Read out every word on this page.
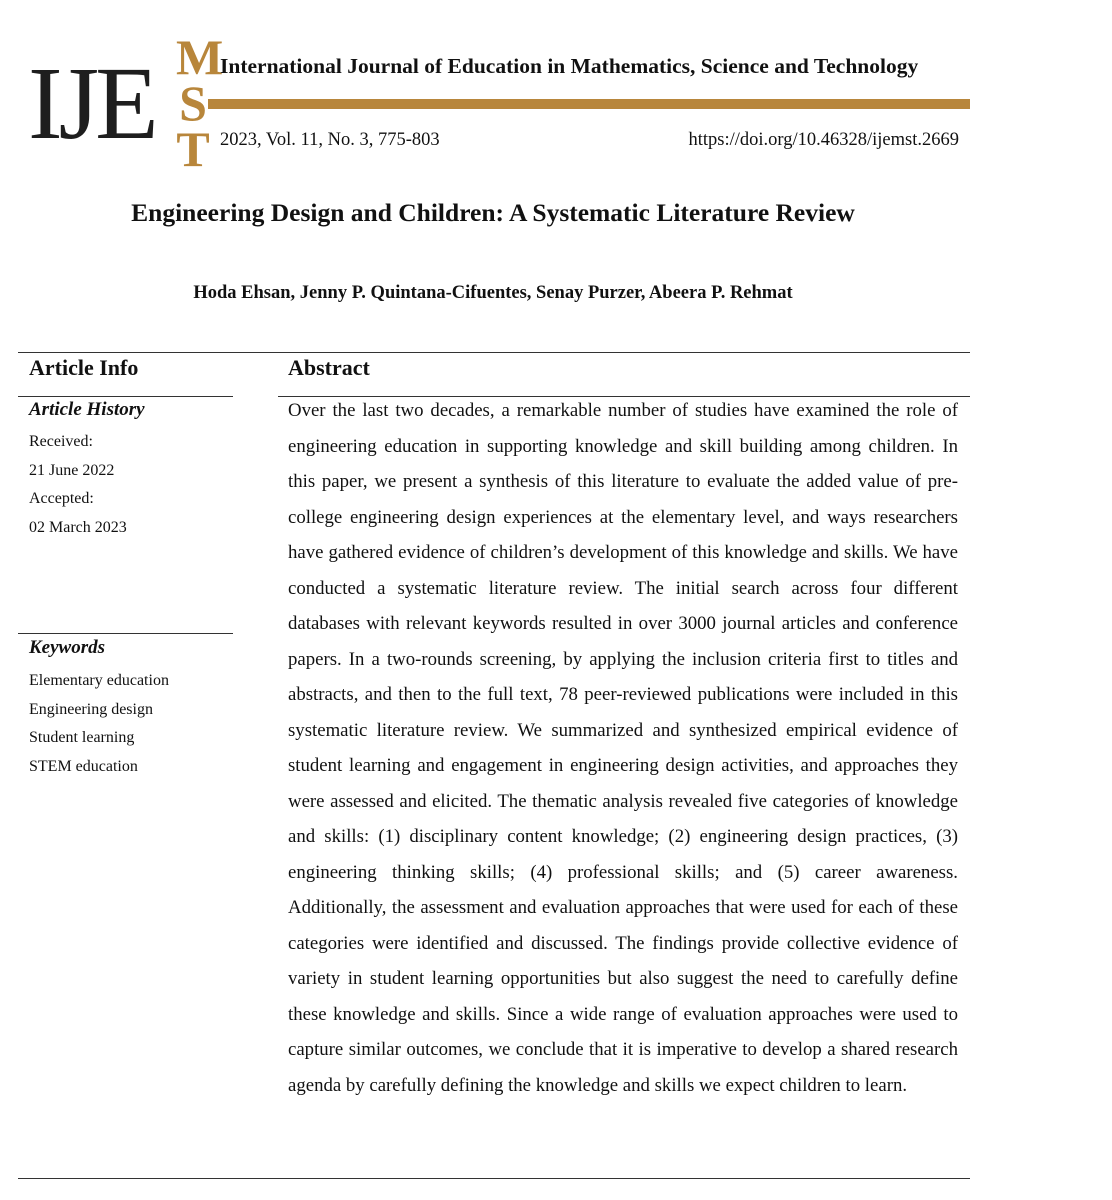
IJE M
S
T
International Journal of Education in Mathematics, Science and Technology
2023, Vol. 11, No. 3, 775-803	https://doi.org/10.46328/ijemst.2669
Engineering Design and Children: A Systematic Literature Review
Hoda Ehsan, Jenny P. Quintana-Cifuentes, Senay Purzer, Abeera P. Rehmat
Article Info	Abstract
Article History
Received:
21 June 2022
Accepted:
02 March 2023
Keywords
Elementary education
Engineering design
Student learning
STEM education

Over the last two decades, a remarkable number of studies have examined the role of engineering education in supporting knowledge and skill building among children. In this paper, we present a synthesis of this literature to evaluate the added value of pre-college engineering design experiences at the elementary level, and ways researchers have gathered evidence of children’s development of this knowledge and skills. We have conducted a systematic literature review. The initial search across four different databases with relevant keywords resulted in over 3000 journal articles and conference papers. In a two-rounds screening, by applying the inclusion criteria first to titles and abstracts, and then to the full text, 78 peer-reviewed publications were included in this systematic literature review. We summarized and synthesized empirical evidence of student learning and engagement in engineering design activities, and approaches they were assessed and elicited. The thematic analysis revealed five categories of knowledge and skills: (1) disciplinary content knowledge; (2) engineering design practices, (3) engineering thinking skills; (4) professional skills; and (5) career awareness. Additionally, the assessment and evaluation approaches that were used for each of these categories were identified and discussed. The findings provide collective evidence of variety in student learning opportunities but also suggest the need to carefully define these knowledge and skills. Since a wide range of evaluation approaches were used to capture similar outcomes, we conclude that it is imperative to develop a shared research agenda by carefully defining the knowledge and skills we expect children to learn.
